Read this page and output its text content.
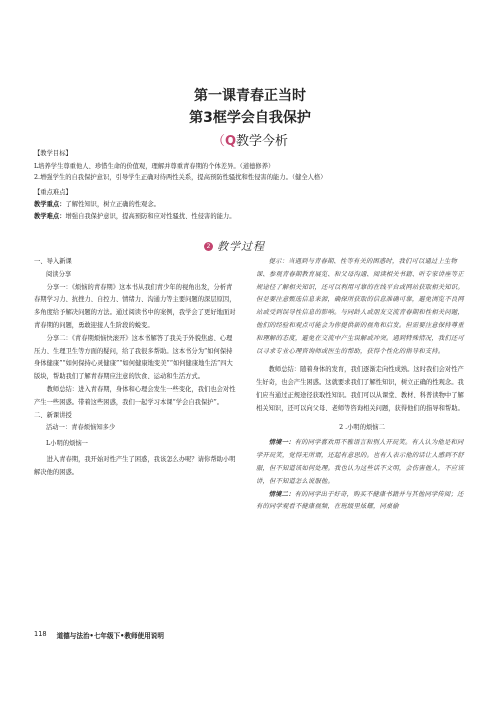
第一课青春正当时

第3框学会自我保护

（Q教学今析

【教学目标】

L培养学生尊重他人、珍惜生命的价值观，理解并尊重青春期的个体差异。（道德修养）

2.增强学生的自我保护意识，引导学生正确对待两性关系，提高预防性骚扰和性侵害的能力。（健全人格）

【重点难点】

教学重点：了解性知识，树立正确的性观念。

教学难点：增强自我保护意识，提高预防和应对性骚扰、性侵害的能力。

2 教学过程

一、导入新课

阅读分享

分享一：《烦恼的青春期》这本书从我们青少年的视角出发，分析青春期学习力、抗挫力、自控力、情绪力、沟通力等主要问题的深层原因，多角度给予解决问题的方法。通过阅读书中的案例，我学会了更好地面对青春期的问题，勇敢迎接人生阶段的蜕变。

分享二：《青春期烦恼快滚开》这本书解答了我关于外貌焦虑、心理压力、生理卫生等方面的疑问，给了我很多帮助。这本书分为“如何保持身体健康”“如何保持心灵健康”“如何健康地变美”“如何健康地生活”四大版块，帮助我们了解青春期应注意的饮食、运动和生活方式。

教师总结：进入青春期，身体和心理会发生一些变化，我们也会对性产生一些困惑。带着这些困惑，我们一起学习本课“学会自我保护”。

二、新课讲授

活动一：青春烦恼知多少

L小明的烦恼一

进入青春期，我开始对性产生了困惑，我该怎么办呢？请你帮助小明解决他的困惑。

提示：当遇到与青春期、性等有关的困惑时，我们可以通过上生物课、参观青春期教育展览、和父母沟通、阅读相关书籍、听专家讲座等正规途径了解相关知识，还可以利用可靠的在线平台或网站获取相关知识。但是要注意甄选信息来源，确保所获取的信息准确可靠，避免浏览不良网站或受到误导性信息的影响。与同龄人或朋友交流青春期和性相关问题，他们的经验和观点可能会为你提供新的视角和启发。但需要注意保持尊重和理解的态度，避免在交流中产生误解或冲突。遇到特殊情况，我们还可以寻求专业心理咨询师或医生的帮助，获得个性化的指导和支持。

教师总结：随着身体的发育，我们逐渐走向性成熟。这时我们会对性产生好奇，也会产生困惑。这就要求我们了解性知识，树立正确的性观念。我们应当通过正规途径获取性知识。我们可以从课堂、教材、科普读物中了解相关知识，还可以向父母、老师等咨询相关问题，获得他们的指导和帮助。

2 .小明的烦恼二

情境一：有的同学喜欢用不雅语言和别人开玩笑。有人认为他是和同学开玩笑，觉得无所谓，还起有意思的。也有人表示他的话让人感到不舒服，但不知道该如何处理。我也认为这些话不文明，会伤害他人，不应该讲，但不知道怎么说服他。

情境二：有的同学出于好奇，购买不健康书籍并与其他同学传阅；还有的同学观看不健康视频，在班级里炫耀，同桌偷

118 道德与法治•七年级下•教师使用说明
